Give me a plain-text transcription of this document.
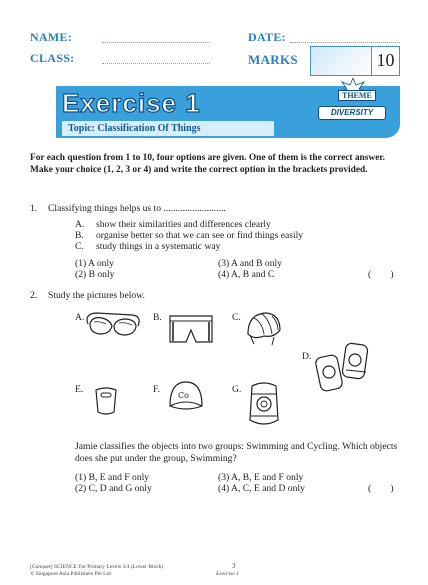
NAME:	DATE:
CLASS:	MARKS	10
Exercise 1
Topic: Classification Of Things
THEME
DIVERSITY
For each question from 1 to 10, four options are given. One of them is the correct answer. Make your choice (1, 2, 3 or 4) and write the correct option in the brackets provided.
1. Classifying things helps us to ..........................
A. show their similarities and differences clearly
B. organise better so that we can see or find things easily
C. study things in a systematic way
(1) A only
(2) B only
(3) A and B only
(4) A, B and C	(        )
2. Study the pictures below.
A.	B.	C.
D.
E.	F.
Co
G.
Jamie classifies the objects into two groups: Swimming and Cycling. Which objects does she put under the group, Swimming?
(1) B, E and F only
(2) C, D and G only
(3) A, B, E and F only
(4) A, C, E and D only	(        )
[Conquer] SCIENCE For Primary Levels 3/4 (Lower Block)
© Singapore Asia Publishers Pte Ltd
3
Exercise 1
